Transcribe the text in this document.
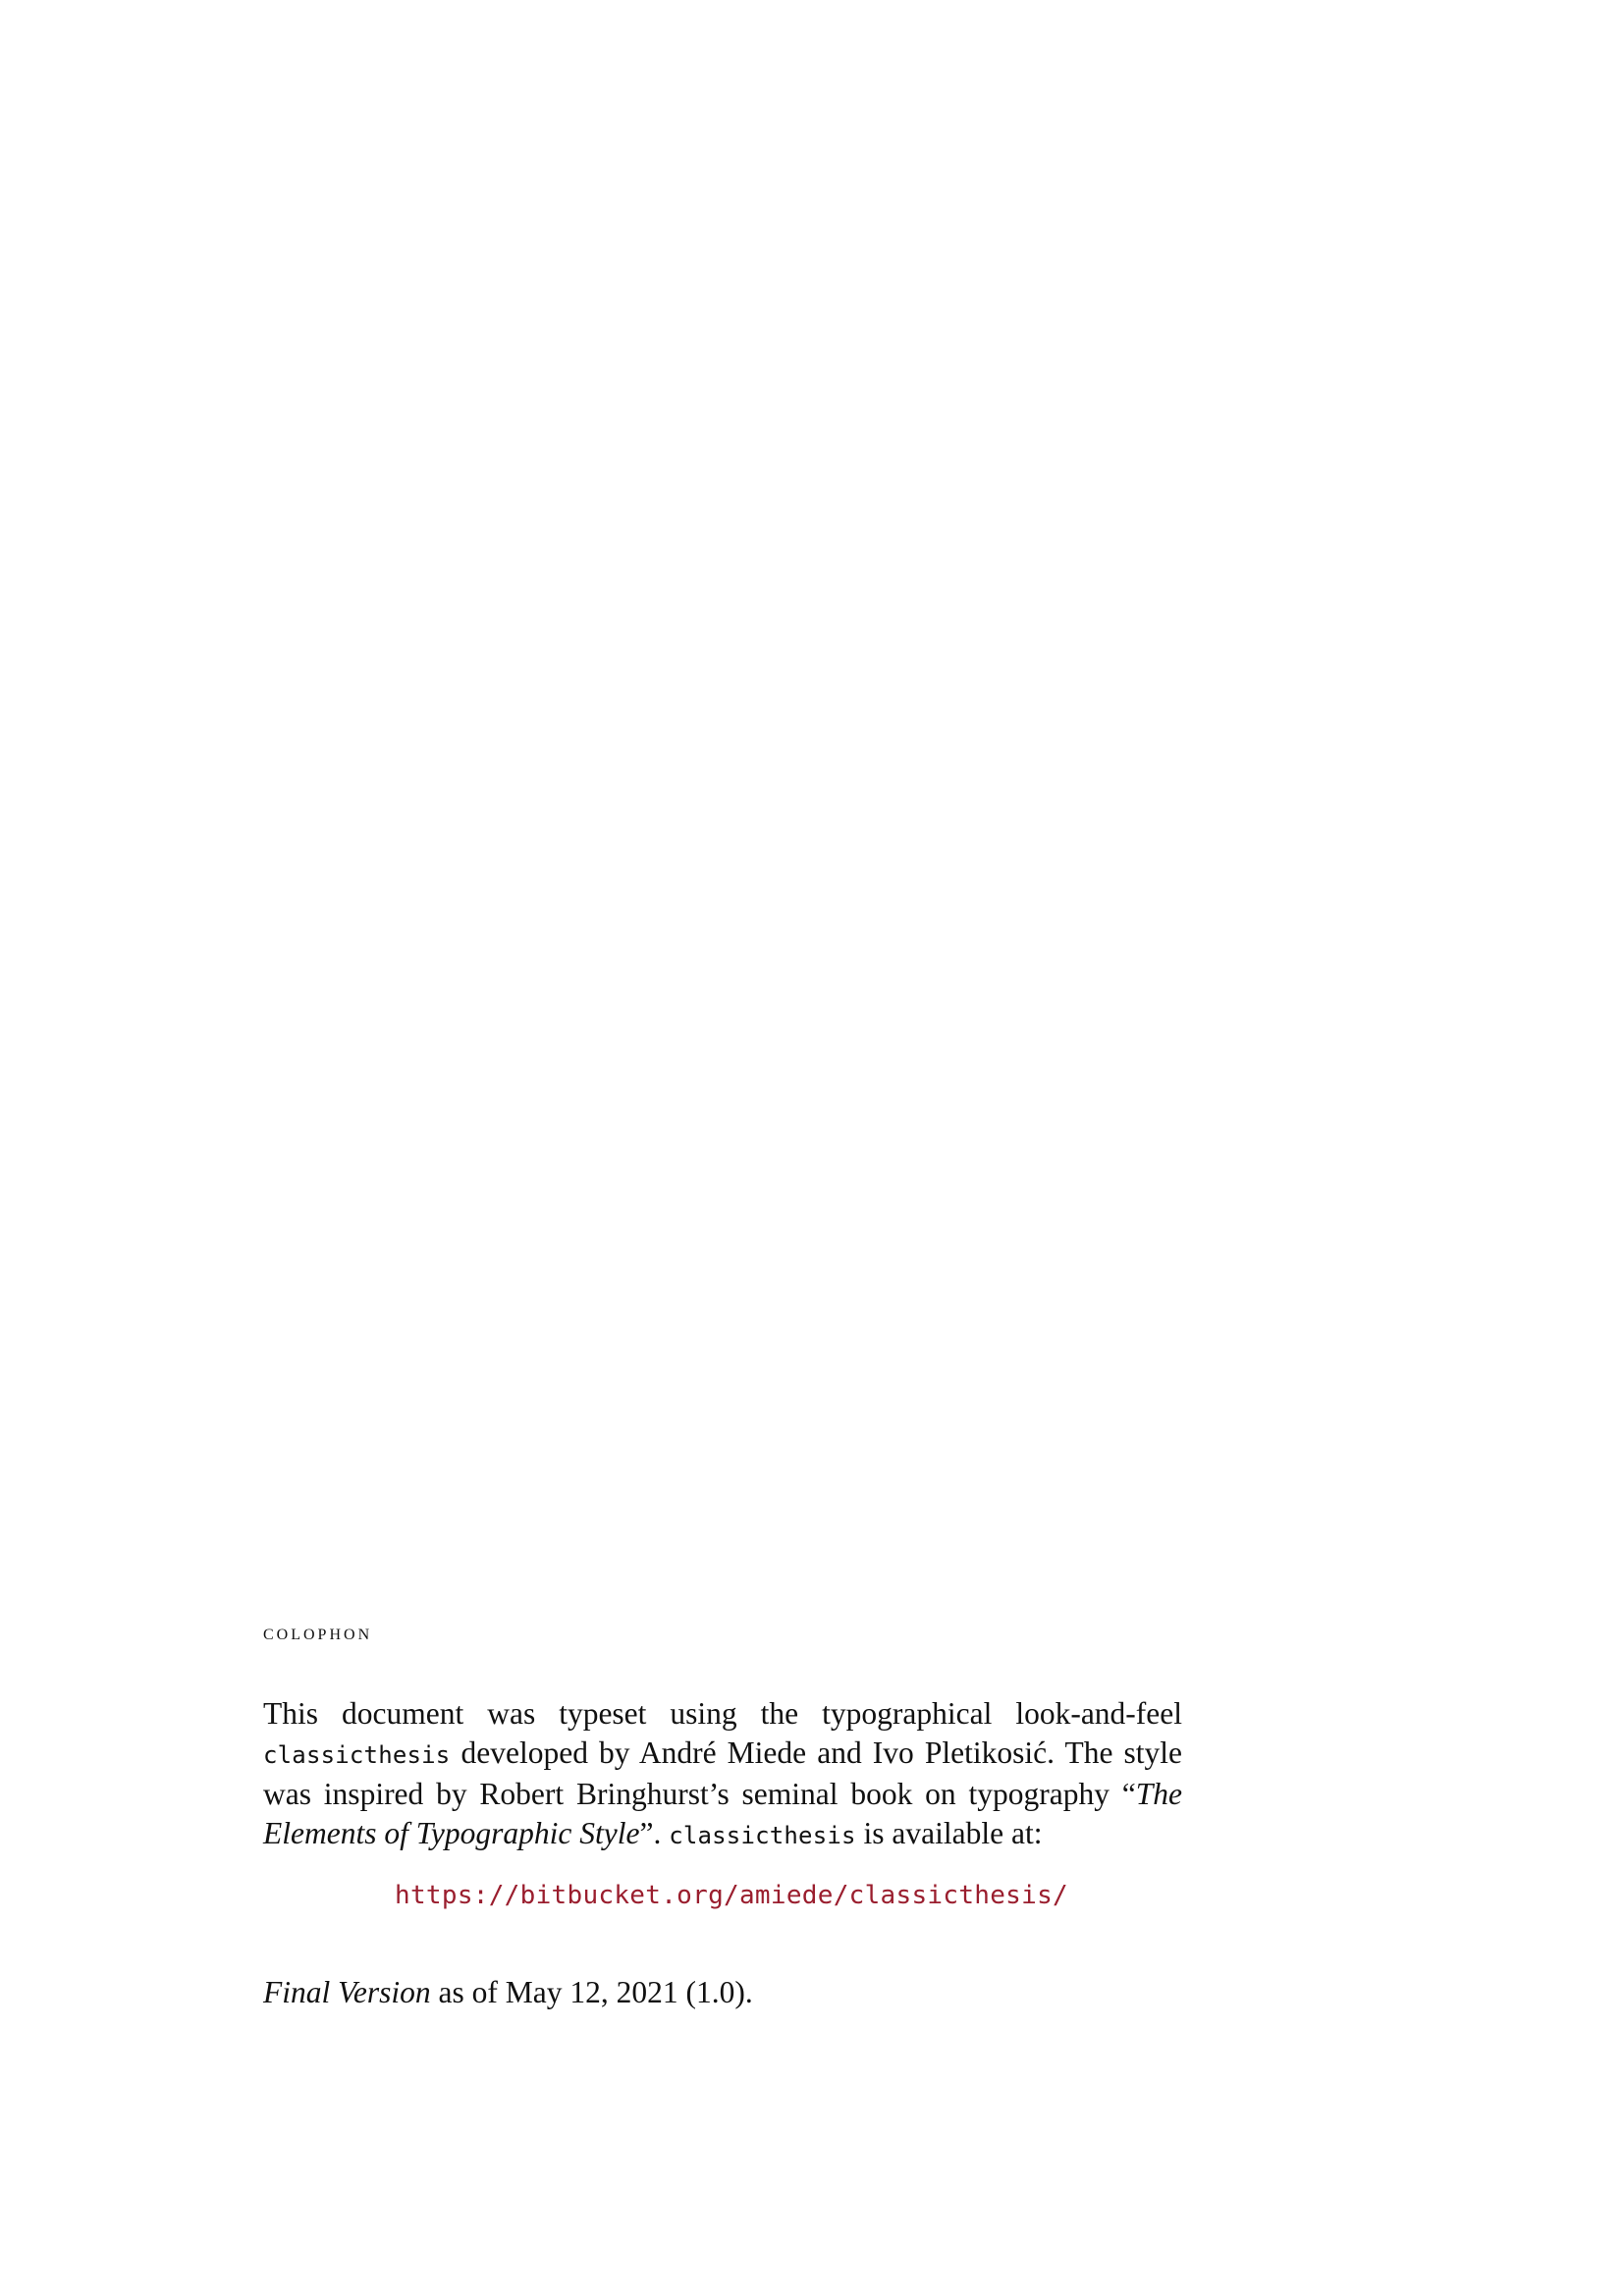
colophon

This document was typeset using the typographical look-and-feel classicthesis developed by André Miede and Ivo Pletikosić. The style was inspired by Robert Bringhurst’s seminal book on typography “The Elements of Typographic Style”. classicthesis is available at:

https://bitbucket.org/amiede/classicthesis/

Final Version as of May 12, 2021 (1.0).
